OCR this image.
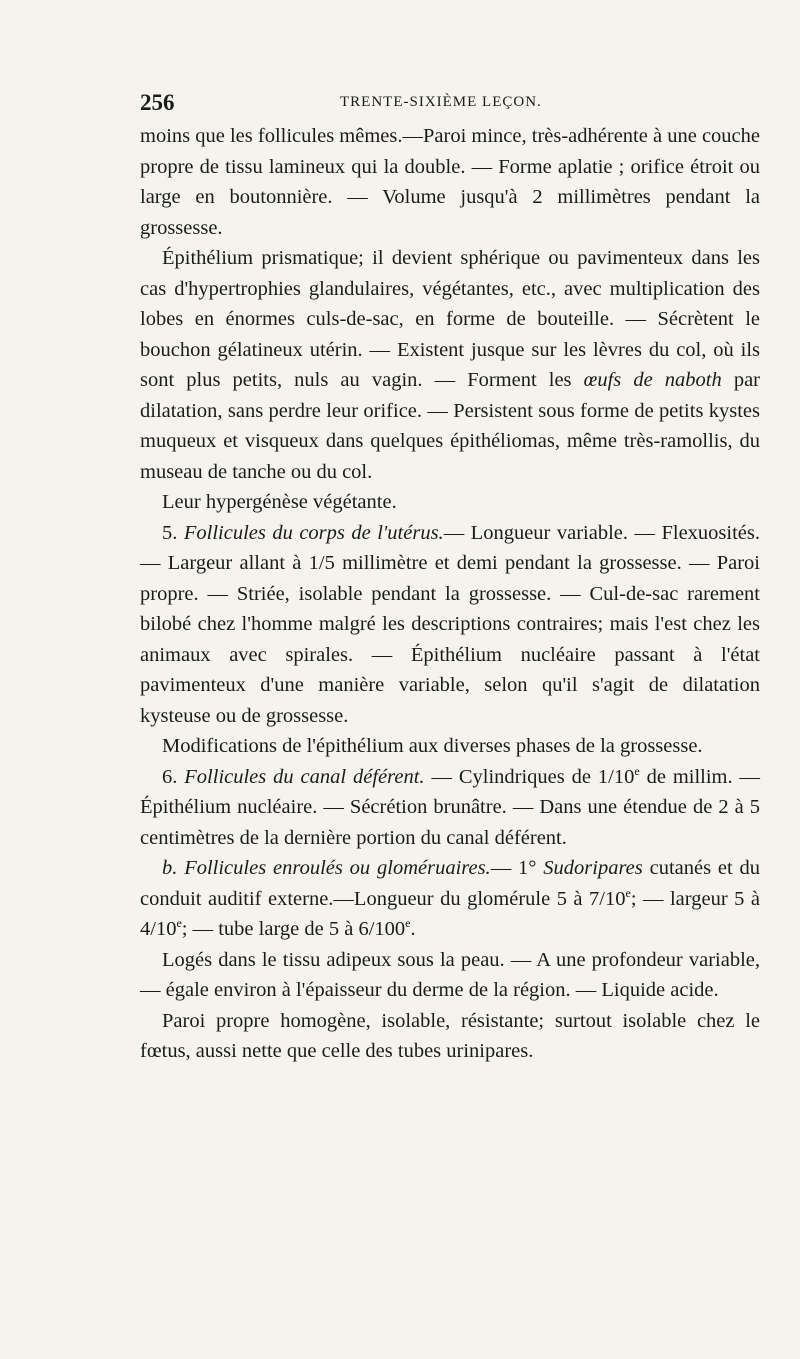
256	TRENTE-SIXIÈME LEÇON.

moins que les follicules mêmes.—Paroi mince, très-adhérente à une couche propre de tissu lamineux qui la double. — Forme aplatie ; orifice étroit ou large en boutonnière. — Volume jusqu'à 2 millimètres pendant la grossesse.

Épithélium prismatique; il devient sphérique ou pavimenteux dans les cas d'hypertrophies glandulaires, végétantes, etc., avec multiplication des lobes en énormes culs-de-sac, en forme de bouteille. — Sécrètent le bouchon gélatineux utérin. — Existent jusque sur les lèvres du col, où ils sont plus petits, nuls au vagin. — Forment les œufs de naboth par dilatation, sans perdre leur orifice. — Persistent sous forme de petits kystes muqueux et visqueux dans quelques épithéliomas, même très-ramollis, du museau de tanche ou du col.

Leur hypergénèse végétante.

5. Follicules du corps de l'utérus.— Longueur variable. — Flexuosités. — Largeur allant à 1/5 millimètre et demi pendant la grossesse. — Paroi propre. — Striée, isolable pendant la grossesse. — Cul-de-sac rarement bilobé chez l'homme malgré les descriptions contraires; mais l'est chez les animaux avec spirales. — Épithélium nucléaire passant à l'état pavimenteux d'une manière variable, selon qu'il s'agit de dilatation kysteuse ou de grossesse.

Modifications de l'épithélium aux diverses phases de la grossesse.

6. Follicules du canal déférent. — Cylindriques de 1/10e de millim. — Épithélium nucléaire. — Sécrétion brunâtre. — Dans une étendue de 2 à 5 centimètres de la dernière portion du canal déférent.

b. Follicules enroulés ou gloméruaires.— 1° Sudoripares cutanés et du conduit auditif externe.—Longueur du glomérule 5 à 7/10e; — largeur 5 à 4/10e; — tube large de 5 à 6/100e.

Logés dans le tissu adipeux sous la peau. — A une profondeur variable, — égale environ à l'épaisseur du derme de la région. — Liquide acide.

Paroi propre homogène, isolable, résistante; surtout isolable chez le fœtus, aussi nette que celle des tubes urinipares.
